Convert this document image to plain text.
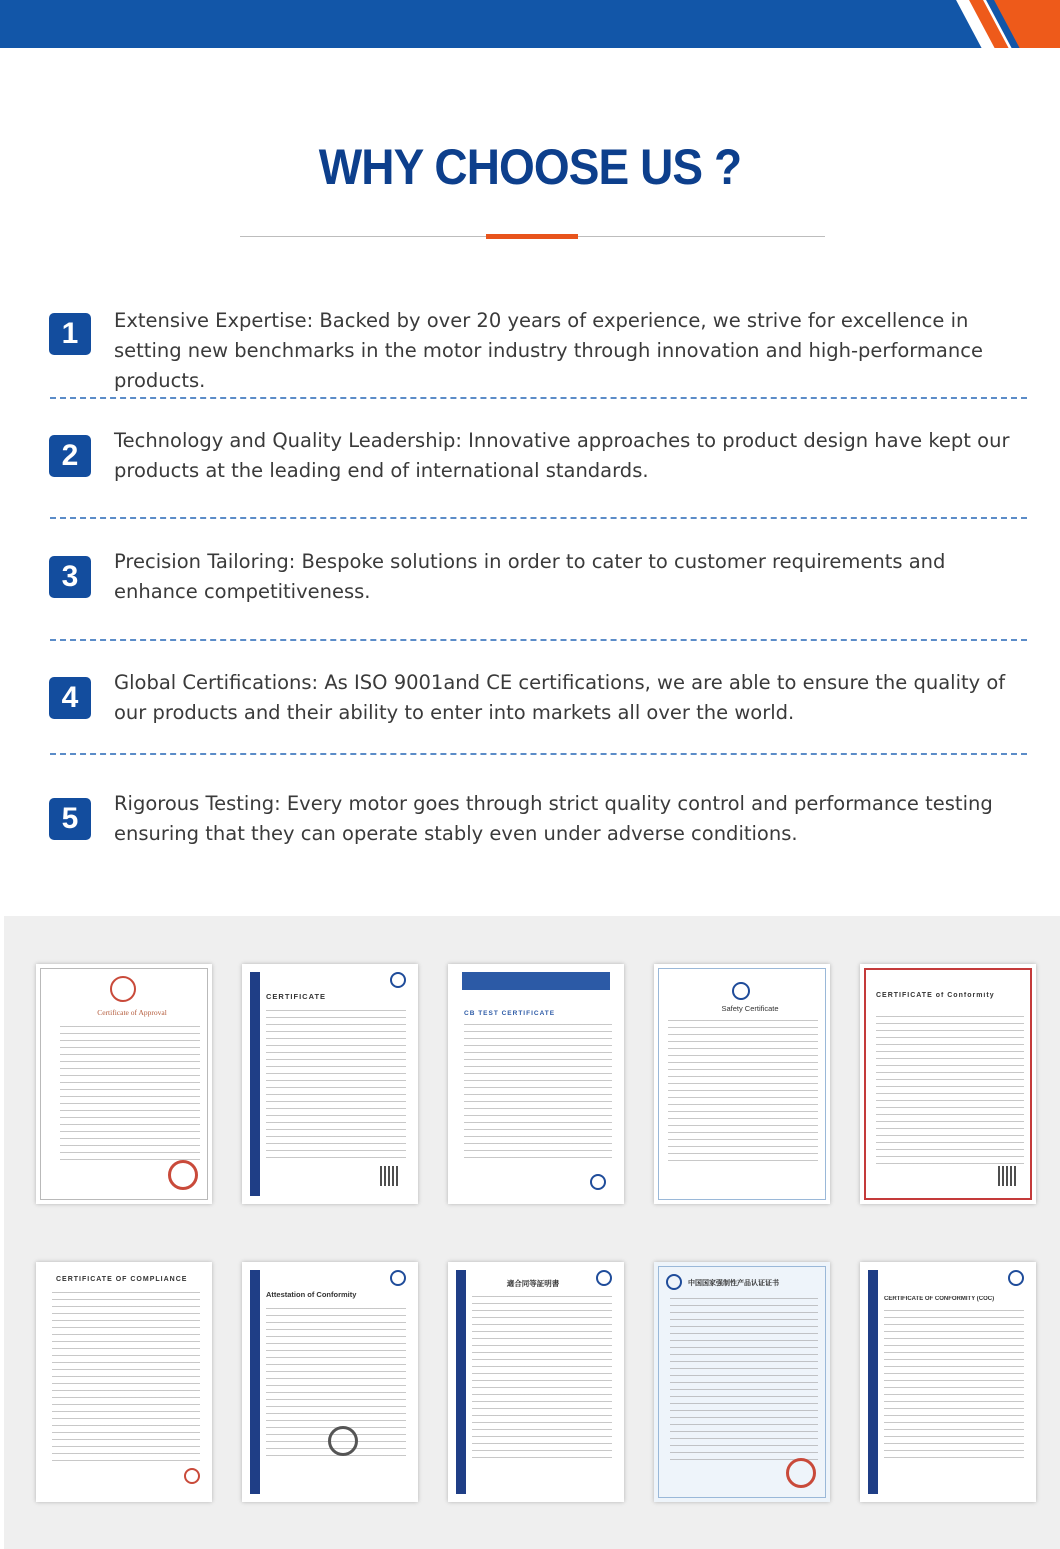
WHY CHOOSE US ?
1	Extensive Expertise: Backed by over 20 years of experience, we strive for excellence in setting new benchmarks in the motor industry through innovation and high-performance products.

2	Technology and Quality Leadership: Innovative approaches to product design have kept our products at the leading end of international standards.

3	Precision Tailoring: Bespoke solutions in order to cater to customer requirements and enhance competitiveness.

4	Global Certifications: As ISO 9001and CE certifications, we are able to ensure the quality of our products and their ability to enter into markets all over the world.

5	Rigorous Testing: Every motor goes through strict quality control and performance testing ensuring that they can operate stably even under adverse conditions.

Certificate of Approval
CERTIFICATE
CB TEST CERTIFICATE
Safety Certificate
CERTIFICATE of Conformity
CERTIFICATE OF COMPLIANCE
Attestation of Conformity
適合同等証明書	中国国家强制性产品认证证书
CERTIFICATE OF CONFORMITY (COC)
